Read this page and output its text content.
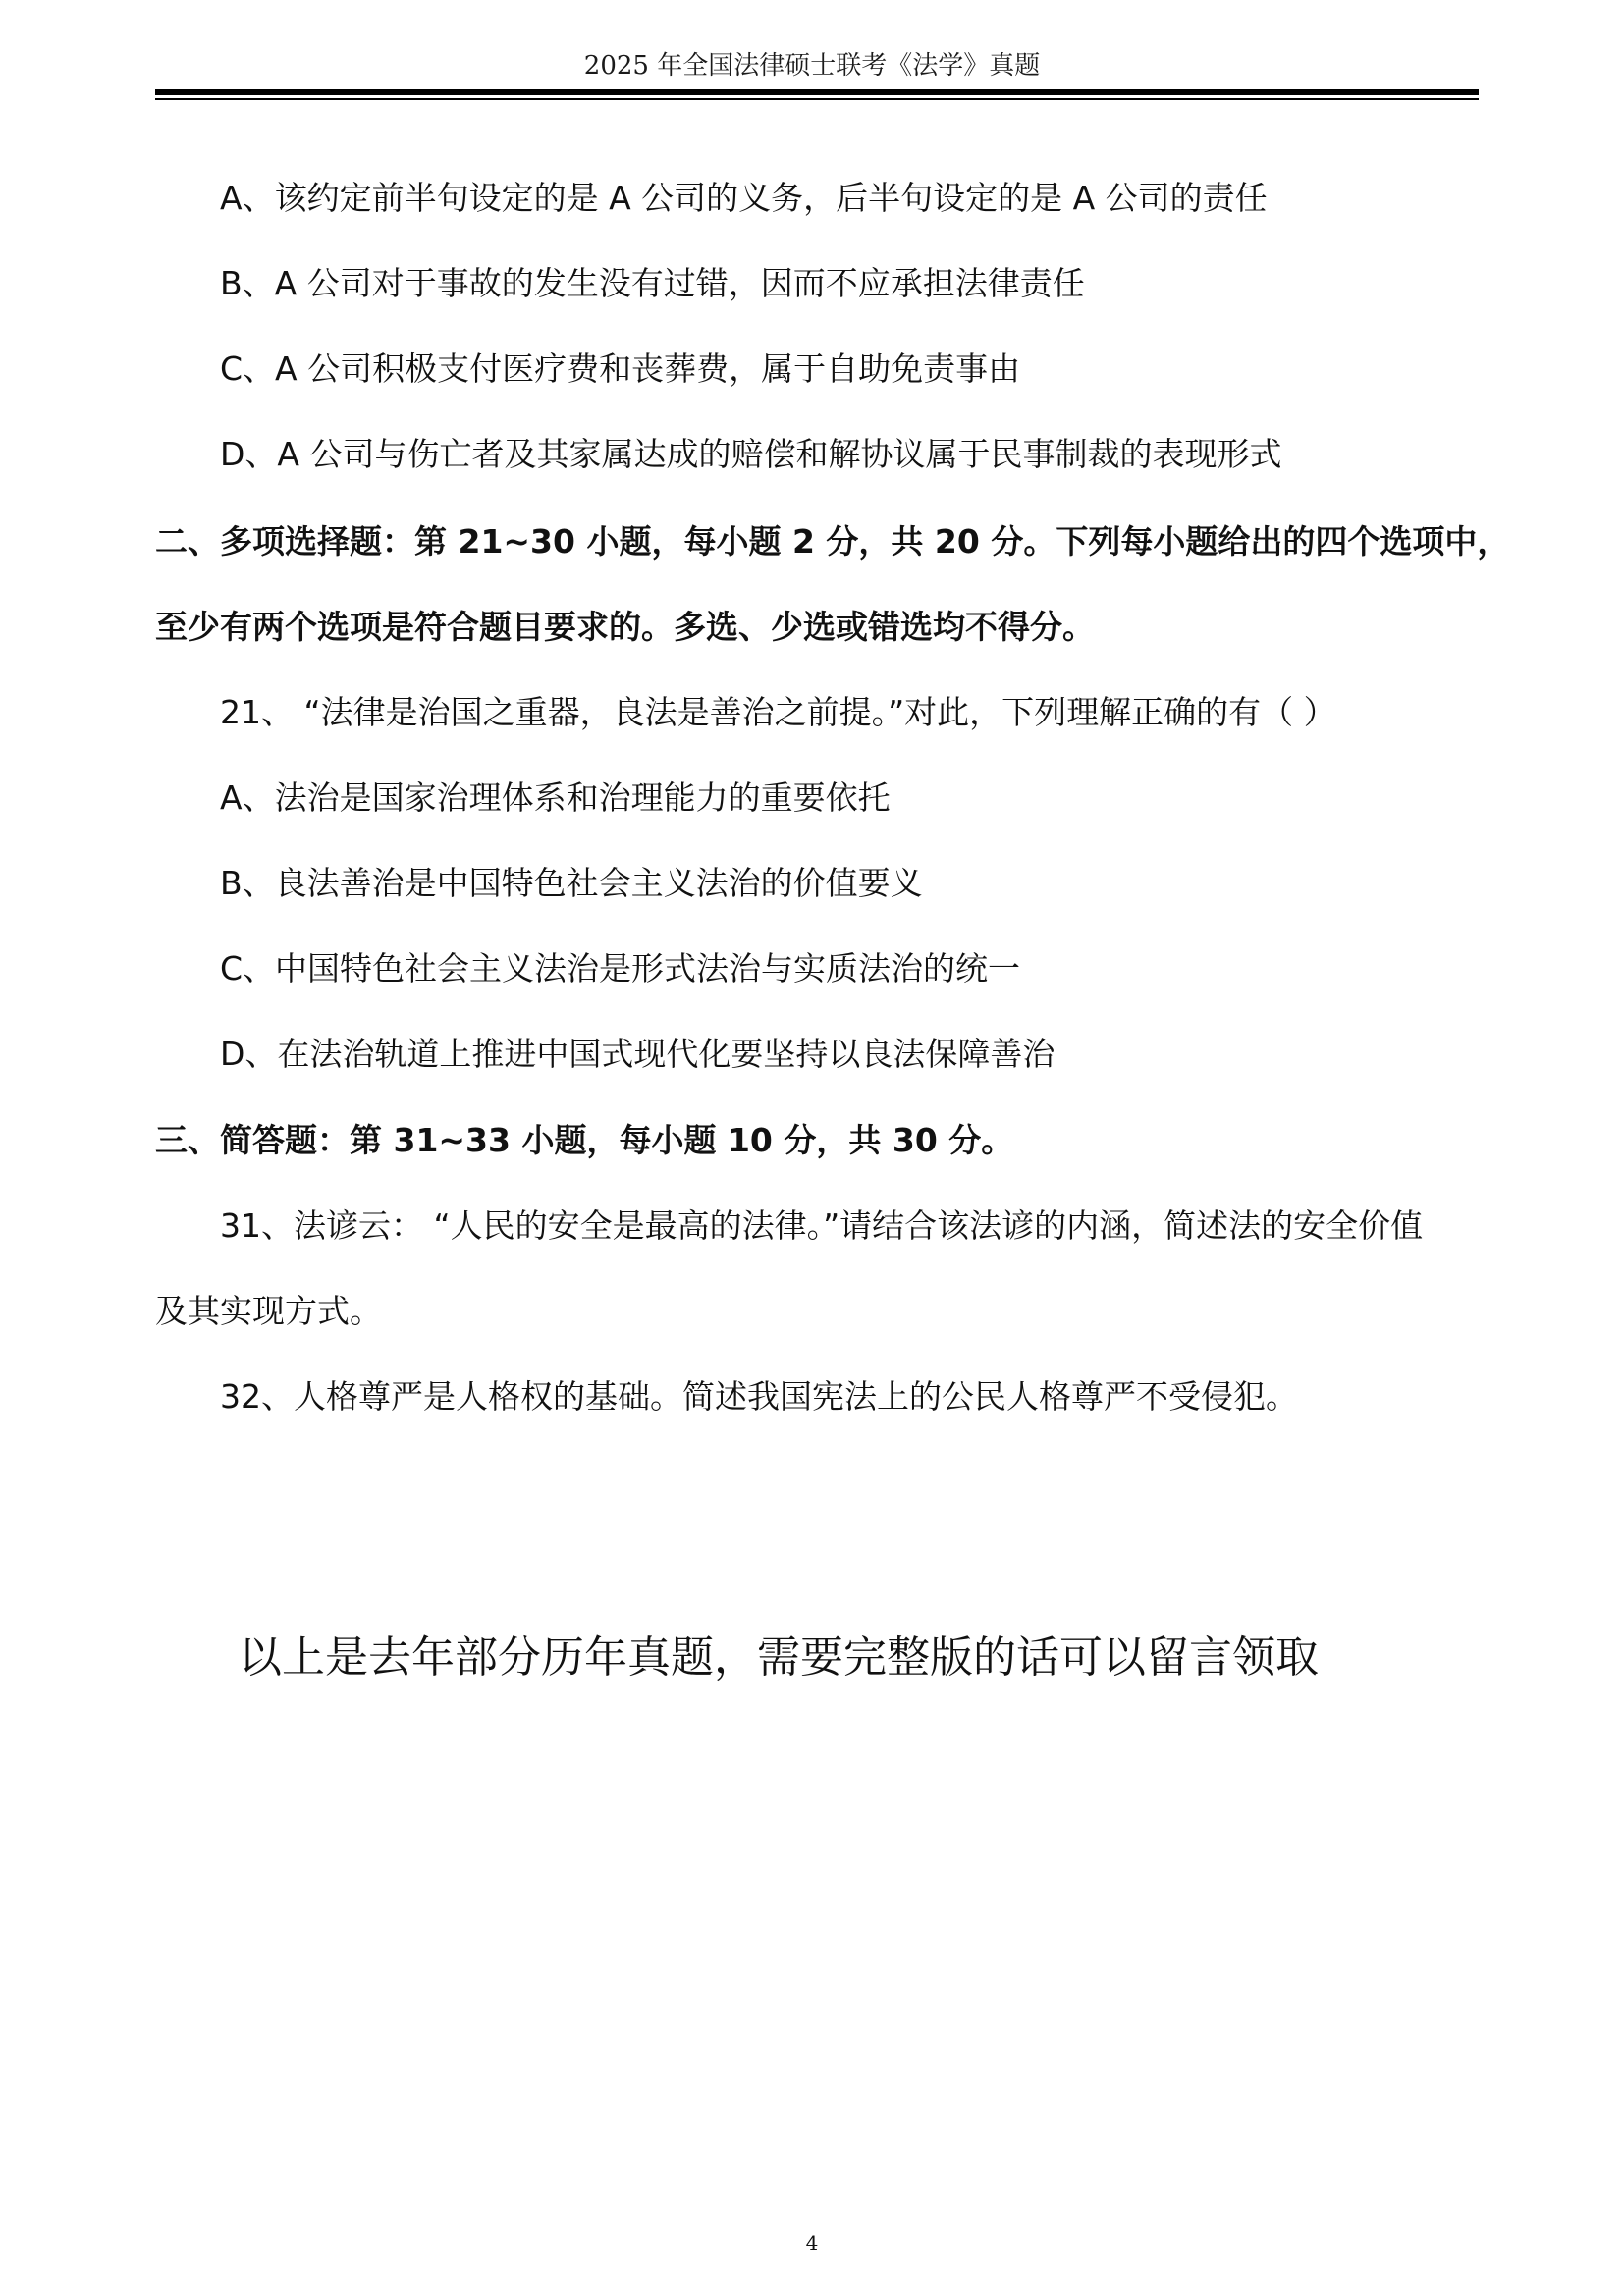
2025 年全国法律硕士联考《法学》真题
A、该约定前半句设定的是 A 公司的义务，后半句设定的是 A 公司的责任
B、A 公司对于事故的发生没有过错，因而不应承担法律责任
C、A 公司积极支付医疗费和丧葬费，属于自助免责事由
D、A 公司与伤亡者及其家属达成的赔偿和解协议属于民事制裁的表现形式
二、多项选择题：第 21~30 小题，每小题 2 分，共 20 分。下列每小题给出的四个选项中，
至少有两个选项是符合题目要求的。多选、少选或错选均不得分。
21、 “法律是治国之重器，良法是善治之前提。”对此，下列理解正确的有（ ）
A、法治是国家治理体系和治理能力的重要依托
B、良法善治是中国特色社会主义法治的价值要义
C、中国特色社会主义法治是形式法治与实质法治的统一
D、在法治轨道上推进中国式现代化要坚持以良法保障善治
三、简答题：第 31~33 小题，每小题 10 分，共 30 分。
31、法谚云： “人民的安全是最高的法律。”请结合该法谚的内涵，简述法的安全价值
及其实现方式。
32、人格尊严是人格权的基础。简述我国宪法上的公民人格尊严不受侵犯。
以上是去年部分历年真题，需要完整版的话可以留言领取
4
